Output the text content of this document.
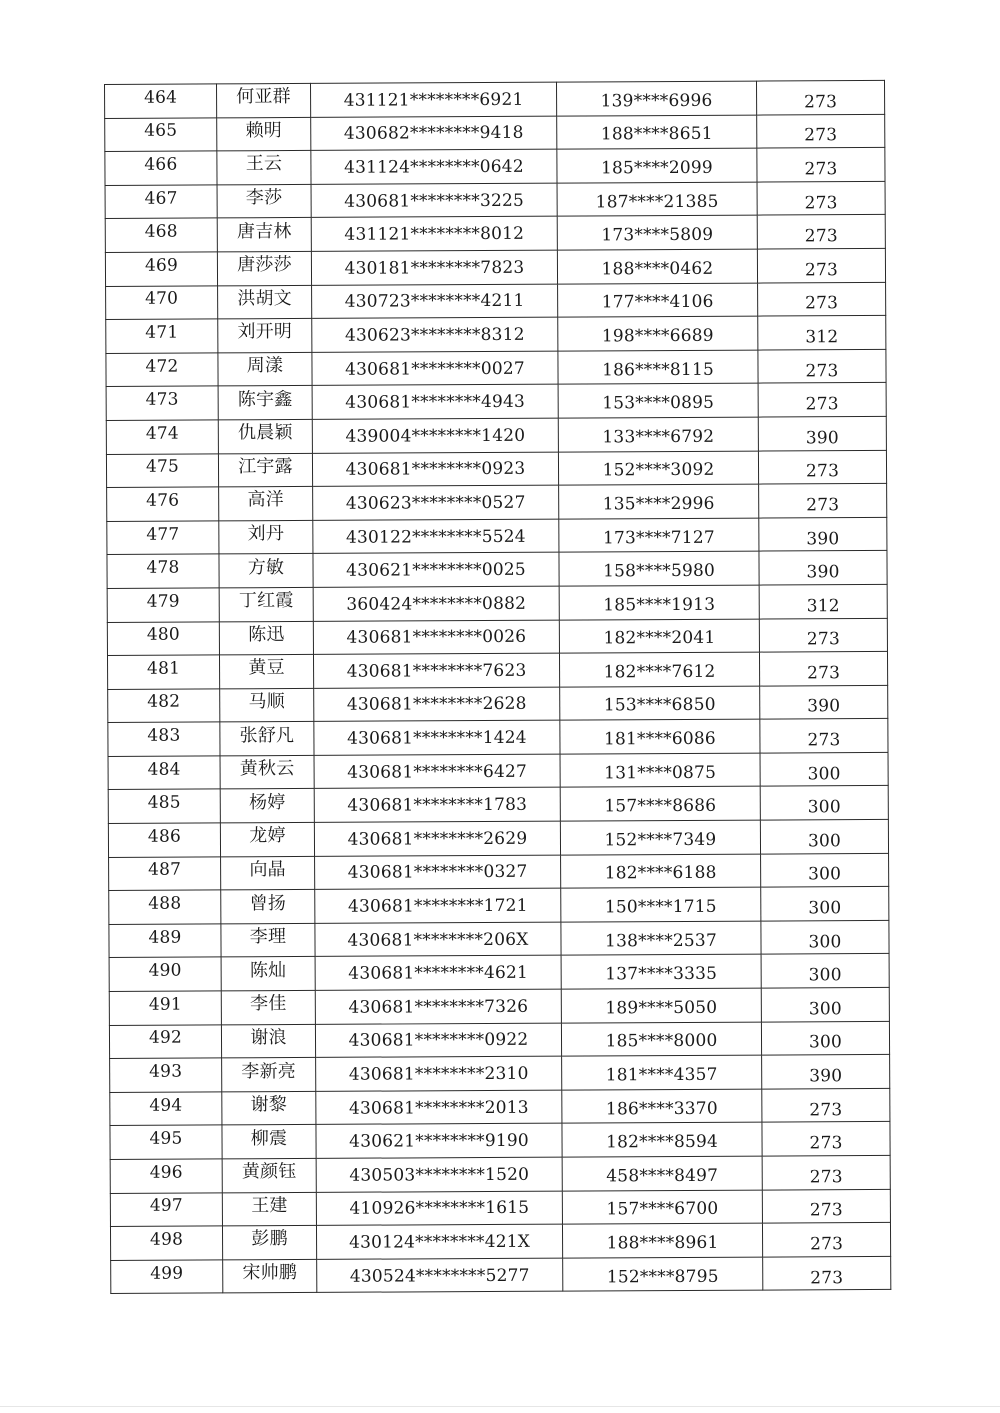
464	何亚群	431121********6921	139****6996	273
465	赖明	430682********9418	188****8651	273
466	王云	431124********0642	185****2099	273
467	李莎	430681********3225	187****21385	273
468	唐吉林	431121********8012	173****5809	273
469	唐莎莎	430181********7823	188****0462	273
470	洪胡文	430723********4211	177****4106	273
471	刘开明	430623********8312	198****6689	312
472	周漾	430681********0027	186****8115	273
473	陈宇鑫	430681********4943	153****0895	273
474	仇晨颖	439004********1420	133****6792	390
475	江宇露	430681********0923	152****3092	273
476	高洋	430623********0527	135****2996	273
477	刘丹	430122********5524	173****7127	390
478	方敏	430621********0025	158****5980	390
479	丁红霞	360424********0882	185****1913	312
480	陈迅	430681********0026	182****2041	273
481	黄豆	430681********7623	182****7612	273
482	马顺	430681********2628	153****6850	390
483	张舒凡	430681********1424	181****6086	273
484	黄秋云	430681********6427	131****0875	300
485	杨婷	430681********1783	157****8686	300
486	龙婷	430681********2629	152****7349	300
487	向晶	430681********0327	182****6188	300
488	曾扬	430681********1721	150****1715	300
489	李理	430681********206X	138****2537	300
490	陈灿	430681********4621	137****3335	300
491	李佳	430681********7326	189****5050	300
492	谢浪	430681********0922	185****8000	300
493	李新亮	430681********2310	181****4357	390
494	谢黎	430681********2013	186****3370	273
495	柳震	430621********9190	182****8594	273
496	黄颜钰	430503********1520	458****8497	273
497	王建	410926********1615	157****6700	273
498	彭鹏	430124********421X	188****8961	273
499	宋帅鹏	430524********5277	152****8795	273
